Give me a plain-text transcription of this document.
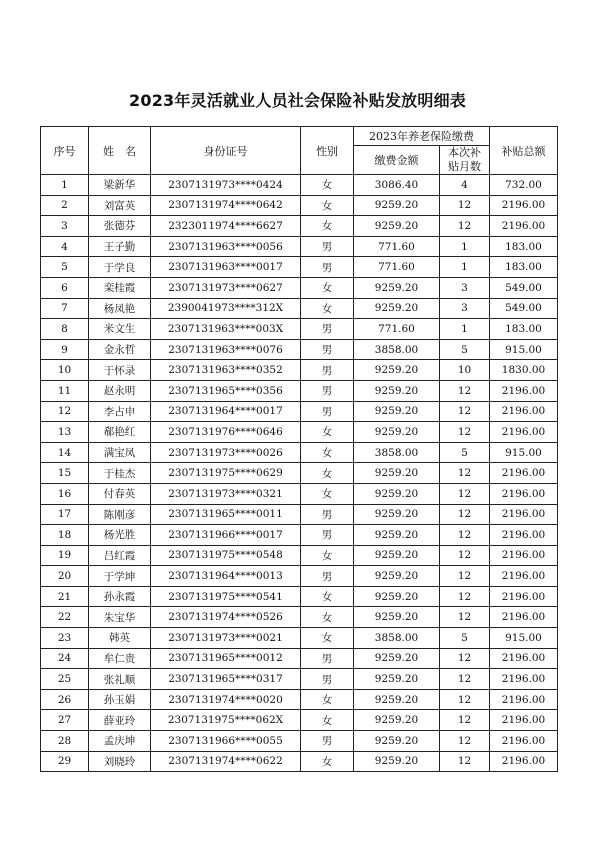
2023年灵活就业人员社会保险补贴发放明细表
序号	姓　名	身份证号	性别	2023年养老保险缴费		补贴总额
				缴费金额	本次补
贴月数	
1	梁新华	2307131973****0424	女	3086.40	4	732.00
2	刘富英	2307131974****0642	女	9259.20	12	2196.00
3	张德芬	2323011974****6627	女	9259.20	12	2196.00
4	王子勤	2307131963****0056	男	771.60	1	183.00
5	于学良	2307131963****0017	男	771.60	1	183.00
6	栾桂霞	2307131973****0627	女	9259.20	3	549.00
7	杨凤艳	2390041973****312X	女	9259.20	3	549.00
8	米文生	2307131963****003X	男	771.60	1	183.00
9	金永哲	2307131963****0076	男	3858.00	5	915.00
10	于怀录	2307131963****0352	男	9259.20	10	1830.00
11	赵永明	2307131965****0356	男	9259.20	12	2196.00
12	李占申	2307131964****0017	男	9259.20	12	2196.00
13	郗艳红	2307131976****0646	女	9259.20	12	2196.00
14	满宝凤	2307131973****0026	女	3858.00	5	915.00
15	于桂杰	2307131975****0629	女	9259.20	12	2196.00
16	付春英	2307131973****0321	女	9259.20	12	2196.00
17	陈刚彦	2307131965****0011	男	9259.20	12	2196.00
18	杨光胜	2307131966****0017	男	9259.20	12	2196.00
19	吕红霞	2307131975****0548	女	9259.20	12	2196.00
20	于学坤	2307131964****0013	男	9259.20	12	2196.00
21	孙永霞	2307131975****0541	女	9259.20	12	2196.00
22	朱宝华	2307131974****0526	女	9259.20	12	2196.00
23	韩英	2307131973****0021	女	3858.00	5	915.00
24	牟仁贵	2307131965****0012	男	9259.20	12	2196.00
25	张礼顺	2307131965****0317	男	9259.20	12	2196.00
26	孙玉娟	2307131974****0020	女	9259.20	12	2196.00
27	薛亚玲	2307131975****062X	女	9259.20	12	2196.00
28	孟庆坤	2307131966****0055	男	9259.20	12	2196.00
29	刘晓玲	2307131974****0622	女	9259.20	12	2196.00
